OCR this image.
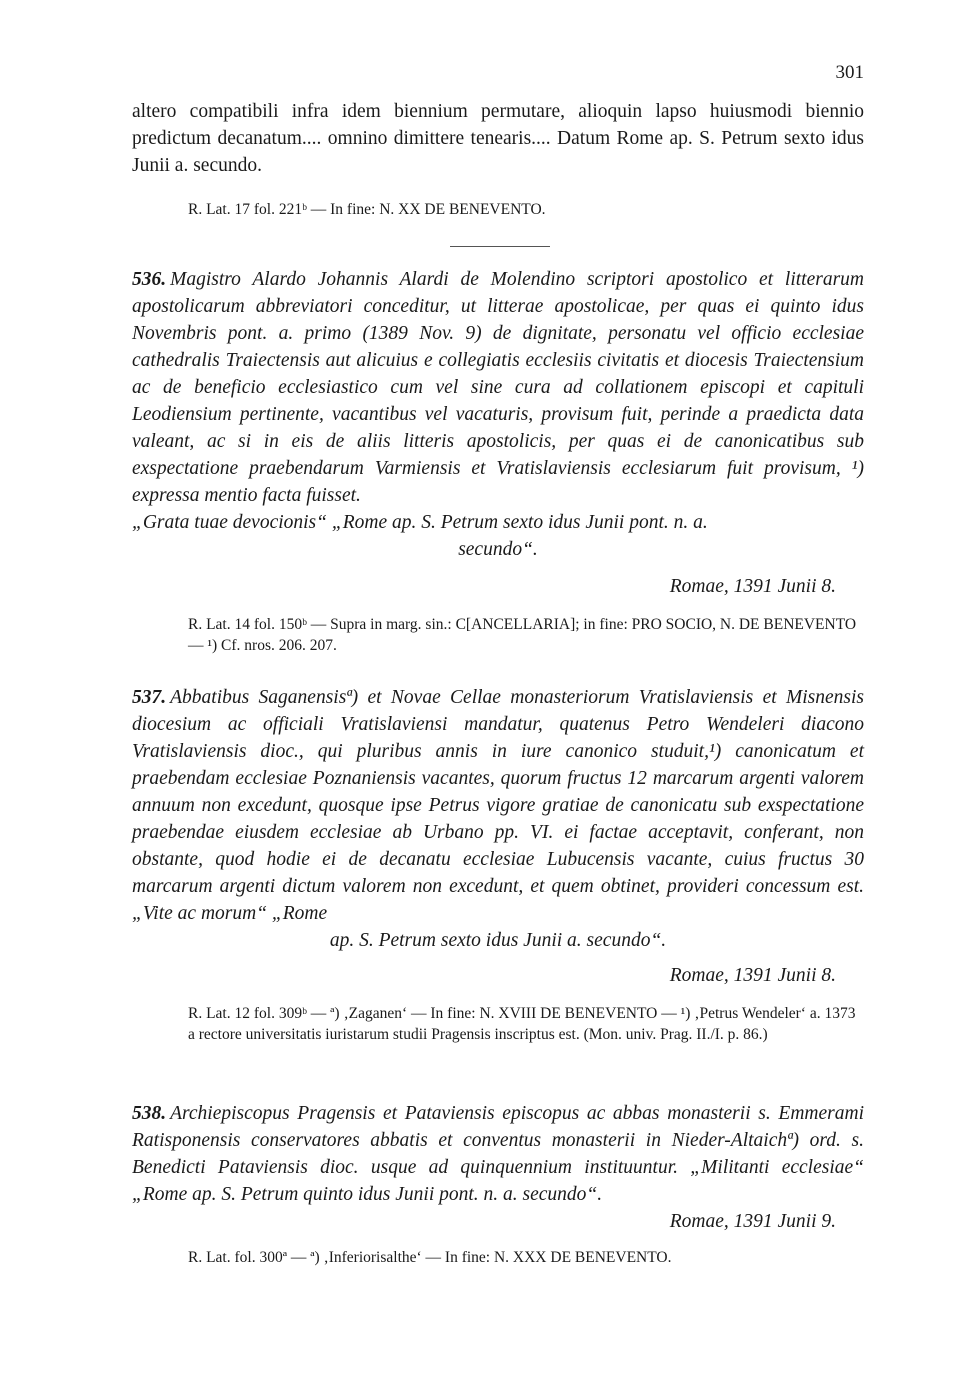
301

altero compatibili infra idem biennium permutare, alioquin lapso huiusmodi biennio predictum decanatum.... omnino dimittere tenearis.... Datum Rome ap. S. Petrum sexto idus Junii a. secundo.

R. Lat. 17 fol. 221ᵇ — In fine: N. XX DE BENEVENTO.

536. Magistro Alardo Johannis Alardi de Molendino scriptori apostolico et litterarum apostolicarum abbreviatori conceditur, ut litterae apostolicae, per quas ei quinto idus Novembris pont. a. primo (1389 Nov. 9) de dignitate, personatu vel officio ecclesiae cathedralis Traiectensis aut alicuius e collegiatis ecclesiis civitatis et diocesis Traiectensium ac de beneficio ecclesiastico cum vel sine cura ad collationem episcopi et capituli Leodiensium pertinente, vacantibus vel vacaturis, provisum fuit, perinde a praedicta data valeant, ac si in eis de aliis litteris apostolicis, per quas ei de canonicatibus sub exspectatione praebendarum Varmiensis et Vratislaviensis ecclesiarum fuit provisum, ¹) expressa mentio facta fuisset.

„Grata tuae devocionis“ „Rome ap. S. Petrum sexto idus Junii pont. n. a.

secundo“.
Romae, 1391 Junii 8.

R. Lat. 14 fol. 150ᵇ — Supra in marg. sin.: C[ANCELLARIA]; in fine: PRO SOCIO, N. DE BENEVENTO — ¹) Cf. nros. 206. 207.

537. Abbatibus Saganensisª) et Novae Cellae monasteriorum Vratislaviensis et Misnensis diocesium ac officiali Vratislaviensi mandatur, quatenus Petro Wendeleri diacono Vratislaviensis dioc., qui pluribus annis in iure canonico studuit,¹) canonicatum et praebendam ecclesiae Poznaniensis vacantes, quorum fructus 12 marcarum argenti valorem annuum non excedunt, quosque ipse Petrus vigore gratiae de canonicatu sub exspectatione praebendae eiusdem ecclesiae ab Urbano pp. VI. ei factae acceptavit, conferant, non obstante, quod hodie ei de decanatu ecclesiae Lubucensis vacante, cuius fructus 30 marcarum argenti dictum valorem non excedunt, et quem obtinet, provideri concessum est. „Vite ac morum“ „Rome

ap. S. Petrum sexto idus Junii a. secundo“.
Romae, 1391 Junii 8.

R. Lat. 12 fol. 309ᵇ — ª) ‚Zaganen‘ — In fine: N. XVIII DE BENEVENTO — ¹) ‚Petrus Wendeler‘ a. 1373 a rectore universitatis iuristarum studii Pragensis inscriptus est. (Mon. univ. Prag. II./I. p. 86.)

538. Archiepiscopus Pragensis et Pataviensis episcopus ac abbas monasterii s. Emmerami Ratisponensis conservatores abbatis et conventus monasterii in Nieder-Altaichª) ord. s. Benedicti Pataviensis dioc. usque ad quinquennium instituuntur. „Militanti ecclesiae“ „Rome ap. S. Petrum quinto idus Junii pont. n. a. secundo“.

Romae, 1391 Junii 9.

R. Lat. fol. 300ª — ª) ‚Inferiorisalthe‘ — In fine: N. XXX DE BENEVENTO.
